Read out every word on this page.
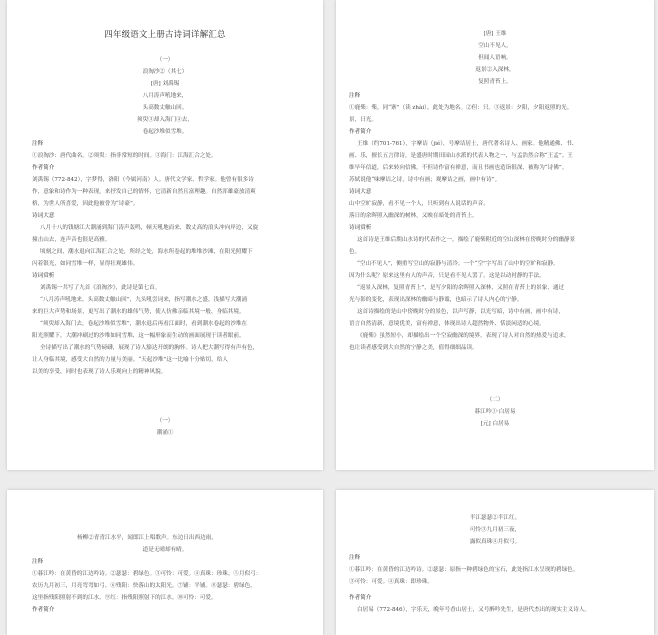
四年级语文上册古诗词详解汇总
（一）
浪淘沙②（其七）
[唐] 刘禹锡
八月涛声吼地来，
头高数丈触山回。
须臾③却入海门④去，
卷起沙堆似雪堆。
注释
①浪淘沙：唐代曲名。②须臾：指非常短的时间。③海门：江海汇合之处。
作者简介
刘禹锡（772-842），字梦得，洛阳（今属河南）人。唐代文学家、哲学家。他曾有很多诗
作，意象和诗作为一种表现，来抒发自己的情怀，它清新自然且富理趣。自然浑雄豪放清爽
格，为世人所喜爱，因此他被誉为“诗豪”。
诗词大意
八月十八的钱塘江大潮涌到海门涛声轰鸣，顿天吼地而来，数丈高的浪头冲向岸边，又旋
撞击山去，连声音也很是高雅。
顷刻之间，潮水退向江海汇合之处，所经之处，海水所卷起的堆堆沙滩，在阳光照耀下
闪着银光，如同雪堆一样，显得壮观雄伟。
诗词赏析
刘禹锡一共写了九首《浪淘沙》，此诗是第七首。
“八月涛声吼地来，头高数丈触山回”，九头吼尝词来，指写潮水之盛，浅描写大潮涌
来的巨大声势和场景，更写出了潮水的雄伟气势，使人仿佛亲临其境一般，身临其境。
“须臾却入海门去，卷起沙堆似雪堆”，潮水退后再看江面时，看到潮水卷起的沙堆在
阳光照耀下，大潮冲刷过的沙堆如同雪堆，这一幅形象而生动的画面展现于读者眼前。
全诗描写出了潮水的气势磅礴，展现了诗人豁达开朗的胸怀。诗人把大潮写得有声有色，
让人身临其境，感受大自然的力量与美丽。“天起沙堆”这一比喻十分贴切，给人
以美的享受，同时也表现了诗人乐观向上的精神风貌。
（一）
潮涌①
[唐] 王维
空山不见人，
但闻人语响。
返景②入深林，
复照青苔上。
注释
①鹿柴：柴，同“寨”（读 zhài）。此处为地名。②但：只。③返景：夕阳，夕阳返照的光。
景，日光。
作者简介
王维（约701-761），字摩诘（jié），号摩诘居士，唐代著名诗人、画家。他精通佛、书、
画、乐，擅长五言律诗，是盛唐时期田园山水派的代表人物之一，与孟浩然合称“王孟”。王
维早年信道，后来转向信佛，不但诗作富有禅意，而且书画也造诣很深，被称为“诗佛”。
苏轼说他“味摩诘之诗，诗中有画；观摩诘之画，画中有诗”。
诗词大意
山中空旷寂静，看不见一个人，只听到有人说话的声音。
落日的余晖照入幽深的树林，又映在暗处的青苔上。
诗词赏析
这首诗是王维后期山水诗的代表作之一，描绘了鹿柴附近的空山深林在傍晚时分的幽静景
色。
“空山不见人”，侧重写空山的寂静与清冷。一个“空”字写出了山中的空旷和寂静。
因为什么呢？原来这里有人的声音，只是看不见人罢了。这是以动衬静的手法。
“返景入深林，复照青苔上”，是写夕阳的余晖照入深林，又照在青苔上的景象，通过
光与影的变化，表现出深林的幽暗与静谧，也暗示了诗人内心的宁静。
这首诗描绘的是山中傍晚时分的景色，以声写静，以光写暗，诗中有画，画中有诗，
语言自然清新，意境优美，富有禅意，体现出诗人超然物外、恬淡闲适的心境。
《鹿柴》虽然短小，却描绘出一个空寂幽深的境界，表现了诗人对自然的热爱与追求，
也让读者感受到大自然的宁静之美，值得细细品读。
（二）
暮江吟①·白居易
[元] 白居易
杨柳②青青江水平，闻郎江上唱歌声。东边日出西边雨，
道是无晴却有晴。
注释
①暮江吟：在黄昏的江边吟诗。②瑟瑟：碧绿色。③可怜：可爱。④真珠：珍珠。⑤月似弓：
农历九月初三，月亮弯弯如弓。⑥残阳：快落山的太阳光。⑦铺：平铺。⑧瑟瑟：碧绿色，
这里指残阳照射不到的江水。⑨红：指残阳照射下的江水。⑩可怜：可爱。
作者简介
半江瑟瑟②半江红。
可怜③九月初三夜，
露似真珠④月似弓。
注释
①暮江吟：在黄昏的江边吟诗。②瑟瑟：原指一种碧绿色的宝石，此处指江水呈现的碧绿色。
③可怜：可爱。④真珠：即珍珠。
作者简介
白居易（772-846），字乐天，晚年号香山居士，又号醉吟先生，是唐代杰出的现实主义诗人。
